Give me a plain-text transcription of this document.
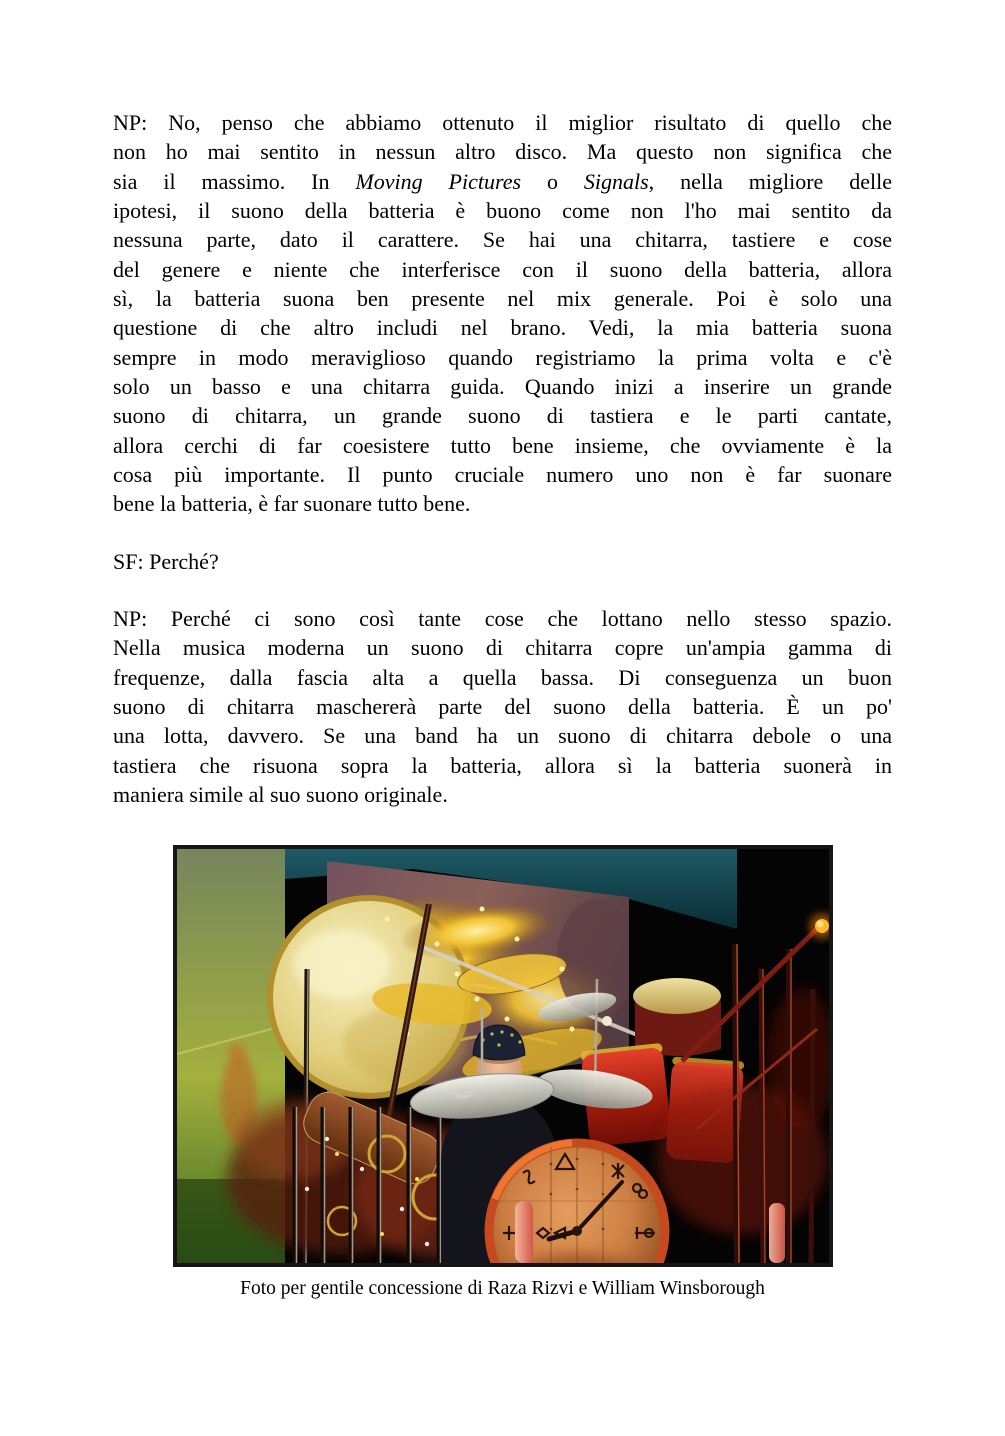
NP: No, penso che abbiamo ottenuto il miglior risultato di quello che
non ho mai sentito in nessun altro disco. Ma questo non significa che
sia il massimo. In Moving Pictures o Signals, nella migliore delle
ipotesi, il suono della batteria è buono come non l'ho mai sentito da
nessuna parte, dato il carattere. Se hai una chitarra, tastiere e cose
del genere e niente che interferisce con il suono della batteria, allora
sì, la batteria suona ben presente nel mix generale. Poi è solo una
questione di che altro includi nel brano. Vedi, la mia batteria suona
sempre in modo meraviglioso quando registriamo la prima volta e c'è
solo un basso e una chitarra guida. Quando inizi a inserire un grande
suono di chitarra, un grande suono di tastiera e le parti cantate,
allora cerchi di far coesistere tutto bene insieme, che ovviamente è la
cosa più importante. Il punto cruciale numero uno non è far suonare
bene la batteria, è far suonare tutto bene.
SF: Perché?
NP: Perché ci sono così tante cose che lottano nello stesso spazio.
Nella musica moderna un suono di chitarra copre un'ampia gamma di
frequenze, dalla fascia alta a quella bassa. Di conseguenza un buon
suono di chitarra maschererà parte del suono della batteria. È un po'
una lotta, davvero. Se una band ha un suono di chitarra debole o una
tastiera che risuona sopra la batteria, allora sì la batteria suonerà in
maniera simile al suo suono originale.
Foto per gentile concessione di Raza Rizvi e William Winsborough
